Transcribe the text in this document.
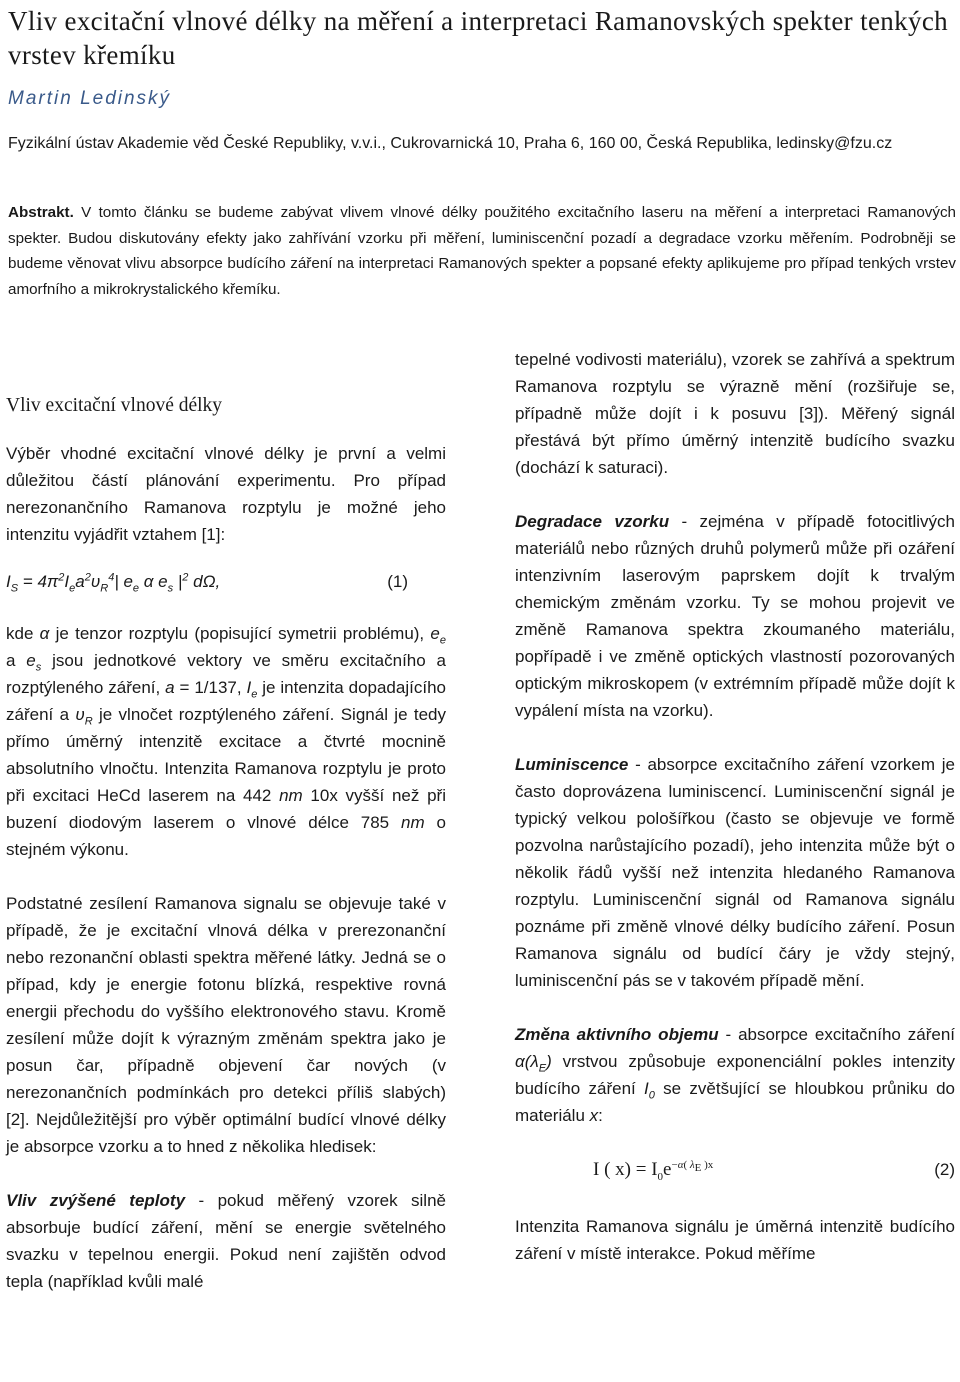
Vliv excitační vlnové délky na měření a interpretaci Ramanovských spekter tenkých vrstev křemíku
Martin Ledinský
Fyzikální ústav Akademie věd České Republiky, v.v.i., Cukrovarnická 10, Praha 6, 160 00, Česká Republika, ledinsky@fzu.cz
Abstrakt. V tomto článku se budeme zabývat vlivem vlnové délky použitého excitačního laseru na měření a interpretaci Ramanových spekter. Budou diskutovány efekty jako zahřívání vzorku při měření, luminiscenční pozadí a degradace vzorku měřením. Podrobněji se budeme věnovat vlivu absorpce budícího záření na interpretaci Ramanových spekter a popsané efekty aplikujeme pro případ tenkých vrstev amorfního a mikrokrystalického křemíku.
Vliv excitační vlnové délky

Výběr vhodné excitační vlnové délky je první a velmi důležitou částí plánování experimentu. Pro případ nerezonančního Ramanova rozptylu je možné jeho intenzitu vyjádřit vztahem [1]:

$I_S = 4\pi^2I_ea^2\upsilon_R^4|$ $e_e$ α $e_s$ $|^2$ dΩ,	(1)

kde α je tenzor rozptylu (popisující symetrii problému), $e_e$ a $e_s$ jsou jednotkové vektory ve směru excitačního a rozptýleného záření, a = 1/137, $I_e$ je intenzita dopadajícího záření a $\upsilon_R$ je vlnočet rozptýleného záření. Signál je tedy přímo úměrný intenzitě excitace a čtvrté mocnině absolutního vlnočtu. Intenzita Ramanova rozptylu je proto při excitaci HeCd laserem na 442 nm 10x vyšší než při buzení diodovým laserem o vlnové délce 785 nm o stejném výkonu.

Podstatné zesílení Ramanova signalu se objevuje také v případě, že je excitační vlnová délka v prerezonanční nebo rezonanční oblasti spektra měřené látky. Jedná se o případ, kdy je energie fotonu blízká, respektive rovná energii přechodu do vyššího elektronového stavu. Kromě zesílení může dojít k výrazným změnám spektra jako je posun čar, případně objevení čar nových (v nerezonančních podmínkách pro detekci příliš slabých) [2]. Nejdůležitější pro výběr optimální budící vlnové délky je absorpce vzorku a to hned z několika hledisek:

Vliv zvýšené teploty - pokud měřený vzorek silně absorbuje budící záření, mění se energie světelného svazku v tepelnou energii. Pokud není zajištěn odvod tepla (například kvůli malé

tepelné vodivosti materiálu), vzorek se zahřívá a spektrum Ramanova rozptylu se výrazně mění (rozšiřuje se, případně může dojít i k posuvu [3]). Měřený signál přestává být přímo úměrný intenzitě budícího svazku (dochází k saturaci).

Degradace vzorku - zejména v případě fotocitlivých materiálů nebo různých druhů polymerů může při ozáření intenzivním laserovým paprskem dojít k trvalým chemickým změnám vzorku. Ty se mohou projevit ve změně Ramanova spektra zkoumaného materiálu, popřípadě i ve změně optických vlastností pozorovaných optickým mikroskopem (v extrémním případě může dojít k vypálení místa na vzorku).

Luminiscence - absorpce excitačního záření vzorkem je často doprovázena luminiscencí. Luminiscenční signál je typický velkou pološířkou (často se objevuje ve formě pozvolna narůstajícího pozadí), jeho intenzita může být o několik řádů vyšší než intenzita hledaného Ramanova rozptylu. Luminiscenční signál od Ramanova signálu poznáme při změně vlnové délky budícího záření. Posun Ramanova signálu od budící čáry je vždy stejný, luminiscenční pás se v takovém případě mění.

Změna aktivního objemu - absorpce excitačního záření $\alpha(\lambda_E)$ vrstvou způsobuje exponenciální pokles intenzity budícího záření $I_0$ se zvětšující se hloubkou průniku do materiálu x:

I ( $x) = I_0e^{-\alpha( \lambda_E )x}$	(2)

Intenzita Ramanova signálu je úměrná intenzitě budícího záření v místě interakce. Pokud měříme
